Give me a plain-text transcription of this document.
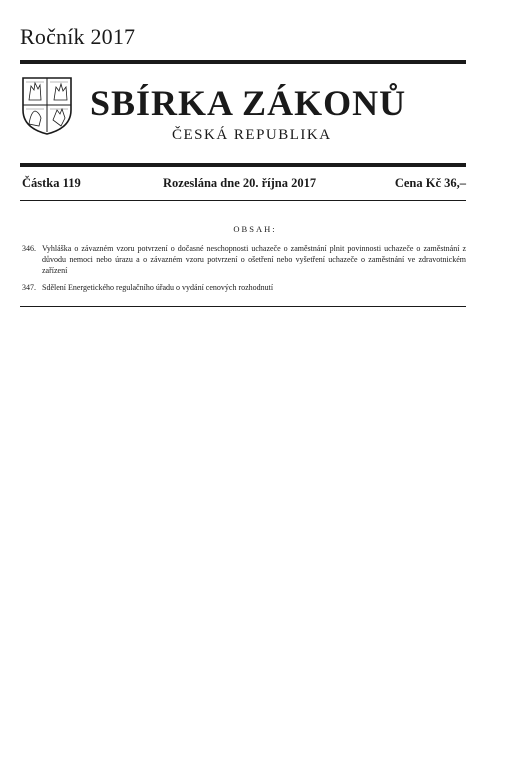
Ročník 2017
SBÍRKA ZÁKONŮ
ČESKÁ REPUBLIKA
Částka 119	Rozeslána dne 20. října 2017	Cena Kč 36,–
OBSAH:
346. Vyhláška o závazném vzoru potvrzení o dočasné neschopnosti uchazeče o zaměstnání plnit povinnosti uchazeče o zaměstnání z důvodu nemoci nebo úrazu a o závazném vzoru potvrzení o ošetření nebo vyšetření uchazeče o zaměstnání ve zdravotnickém zařízení
347. Sdělení Energetického regulačního úřadu o vydání cenových rozhodnutí
